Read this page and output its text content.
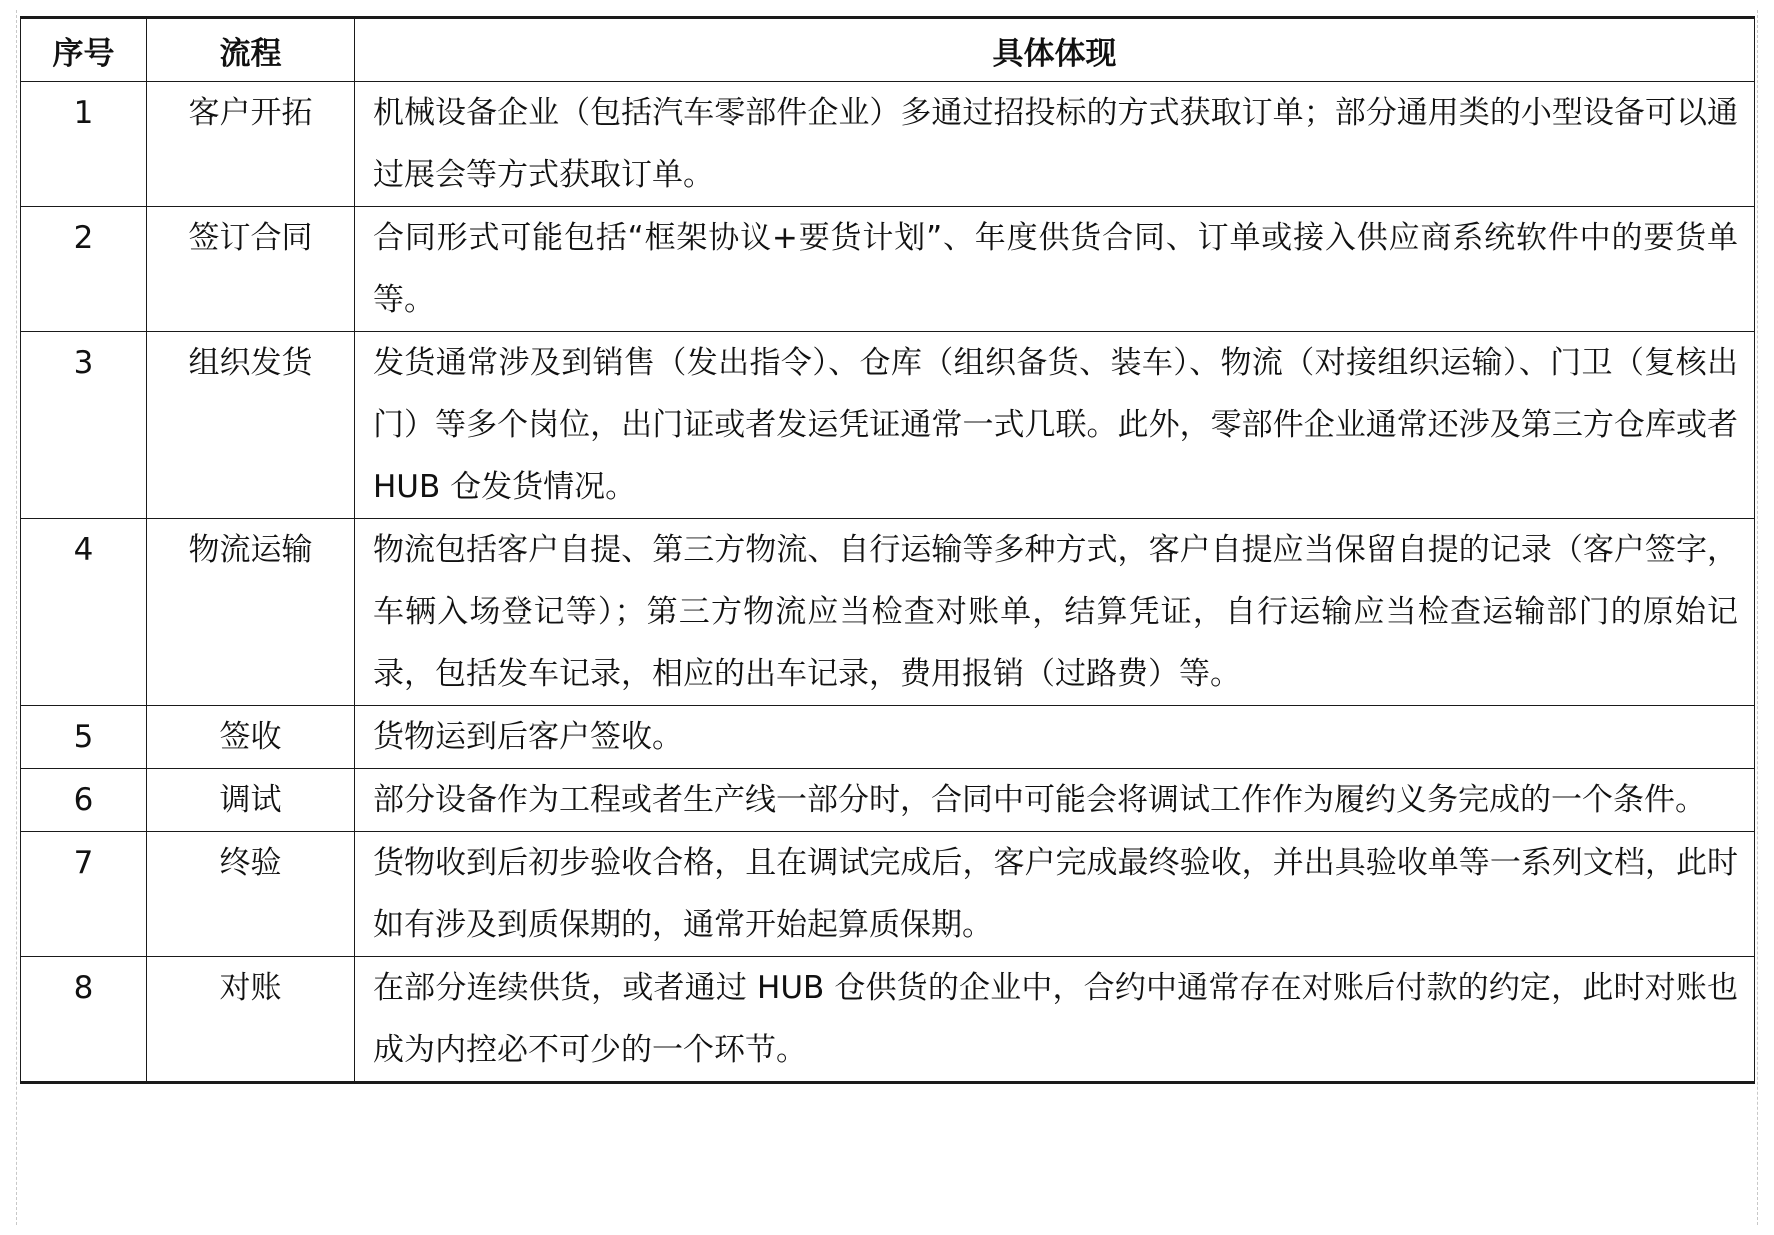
序号	流程	具体体现
1	客户开拓	机械设备企业（包括汽车零部件企业）多通过招投标的方式获取订单；部分通用类的小型设备可以通过展会等方式获取订单。
2	签订合同	合同形式可能包括“框架协议+要货计划”、年度供货合同、订单或接入供应商系统软件中的要货单等。
3	组织发货	发货通常涉及到销售（发出指令）、仓库（组织备货、装车）、物流（对接组织运输）、门卫（复核出门）等多个岗位，出门证或者发运凭证通常一式几联。此外，零部件企业通常还涉及第三方仓库或者 HUB 仓发货情况。
4	物流运输	物流包括客户自提、第三方物流、自行运输等多种方式，客户自提应当保留自提的记录（客户签字，车辆入场登记等）；第三方物流应当检查对账单，结算凭证，自行运输应当检查运输部门的原始记录，包括发车记录，相应的出车记录，费用报销（过路费）等。
5	签收	货物运到后客户签收。
6	调试	部分设备作为工程或者生产线一部分时，合同中可能会将调试工作作为履约义务完成的一个条件。
7	终验	货物收到后初步验收合格，且在调试完成后，客户完成最终验收，并出具验收单等一系列文档，此时如有涉及到质保期的，通常开始起算质保期。
8	对账	在部分连续供货，或者通过 HUB 仓供货的企业中，合约中通常存在对账后付款的约定，此时对账也成为内控必不可少的一个环节。
